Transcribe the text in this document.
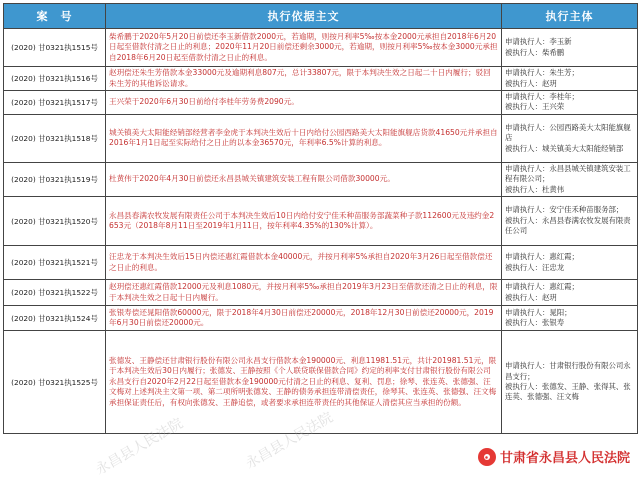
案　号	执行依据主文	执行主体
(2020) 甘0321执1515号	柴希鹏于2020年5月20日前偿还李玉新借款2000元，若逾期，则按月利率5‰按本金2000元承担自2018年6月20日起至借款付清之日止的利息；2020年11月20日前偿还剩余3000元，若逾期，则按月利率5‰按本金3000元承担自2018年6月20日起至借款付清之日止的利息。	申请执行人：李玉新
被执行人：柴希鹏

(2020) 甘0321执1516号	赵玥偿还朱生芳借款本金33000元及逾期利息807元，总计33807元，限于本判决生效之日起二十日内履行；驳回朱生芳的其他诉讼请求。	申请执行人：朱生芳；
被执行人：赵玥

(2020) 甘0321执1517号	王兴荣于2020年6月30日前给付李桂年劳务费2090元。	申请执行人：李桂年；
被执行人：王兴荣

(2020) 甘0321执1518号	城关镇美大太阳能经销部经营者李金虎于本判决生效后十日内给付公园西路美大太阳能旗舰店货款41650元并承担自2016年1月1日起至实际给付之日止的以本金36570元，年利率6.5%计算的利息。	申请执行人：公园西路美大太阳能旗舰店
被执行人：城关镇美大太阳能经销部

(2020) 甘0321执1519号	杜黄伟于2020年4月30日前偿还永昌县城关镇建筑安装工程有限公司借款30000元。	申请执行人：永昌县城关镇建筑安装工程有限公司；
被执行人：杜黄伟

(2020) 甘0321执1520号	永昌县春满农牧发展有限责任公司于本判决生效后10日内给付安宁佳禾种苗服务部蔬菜种子款112600元及违约金2653元（2018年8月11日至2019年1月11日，按年利率4.35%的130%计算）。	申请执行人：安宁佳禾种苗服务部；
被执行人：永昌县春满农牧发展有限责任公司

(2020) 甘0321执1521号	汪忠龙于本判决生效后15日内偿还惠红霞借款本金40000元，并按月利率5%承担自2020年3月26日起至借款偿还之日止的利息。	申请执行人：惠红霞；
被执行人：汪忠龙

(2020) 甘0321执1522号	赵玥偿还惠红霞借款12000元及利息1080元，并按月利率5‰承担自2019年3月23日至借款还清之日止的利息，限于本判决生效之日起十日内履行。	申请执行人：惠红霞；
被执行人：赵玥

(2020) 甘0321执1524号	张银寿偿还晁阳借款60000元，限于2018年4月30日前偿还20000元，2018年12月30日前偿还20000元，2019年6月30日前偿还20000元。	申请执行人：晁阳；
被执行人：张银寿

(2020) 甘0321执1525号	张德发、王静偿还甘肃银行股份有限公司永昌支行借款本金190000元、利息11981.51元，共计201981.51元，限于本判决生效后30日内履行；张德发、王静按照《个人联贷联保借款合同》约定的利率支付甘肃银行股份有限公司永昌支行自2020年2月22日起至借款本金190000元付清之日止的利息、复利、罚息；徐琴、张连英、张德强、汪文梅对上述判决主文第一项、第二项所明张德发、王静的债务承担连带清偿责任，徐琴其、张连英、张德强、汪文梅承担保证责任后，有权向张德发、王静追偿，或者要求承担连带责任的其他保证人清偿其应当承担的份额。	申请执行人：甘肃银行股份有限公司永昌支行；
被执行人：张德发、王静、张得其、张连英、张德强、汪文梅
永昌县人民法院	永昌县人民法院	甘肃省永昌县人民法院
